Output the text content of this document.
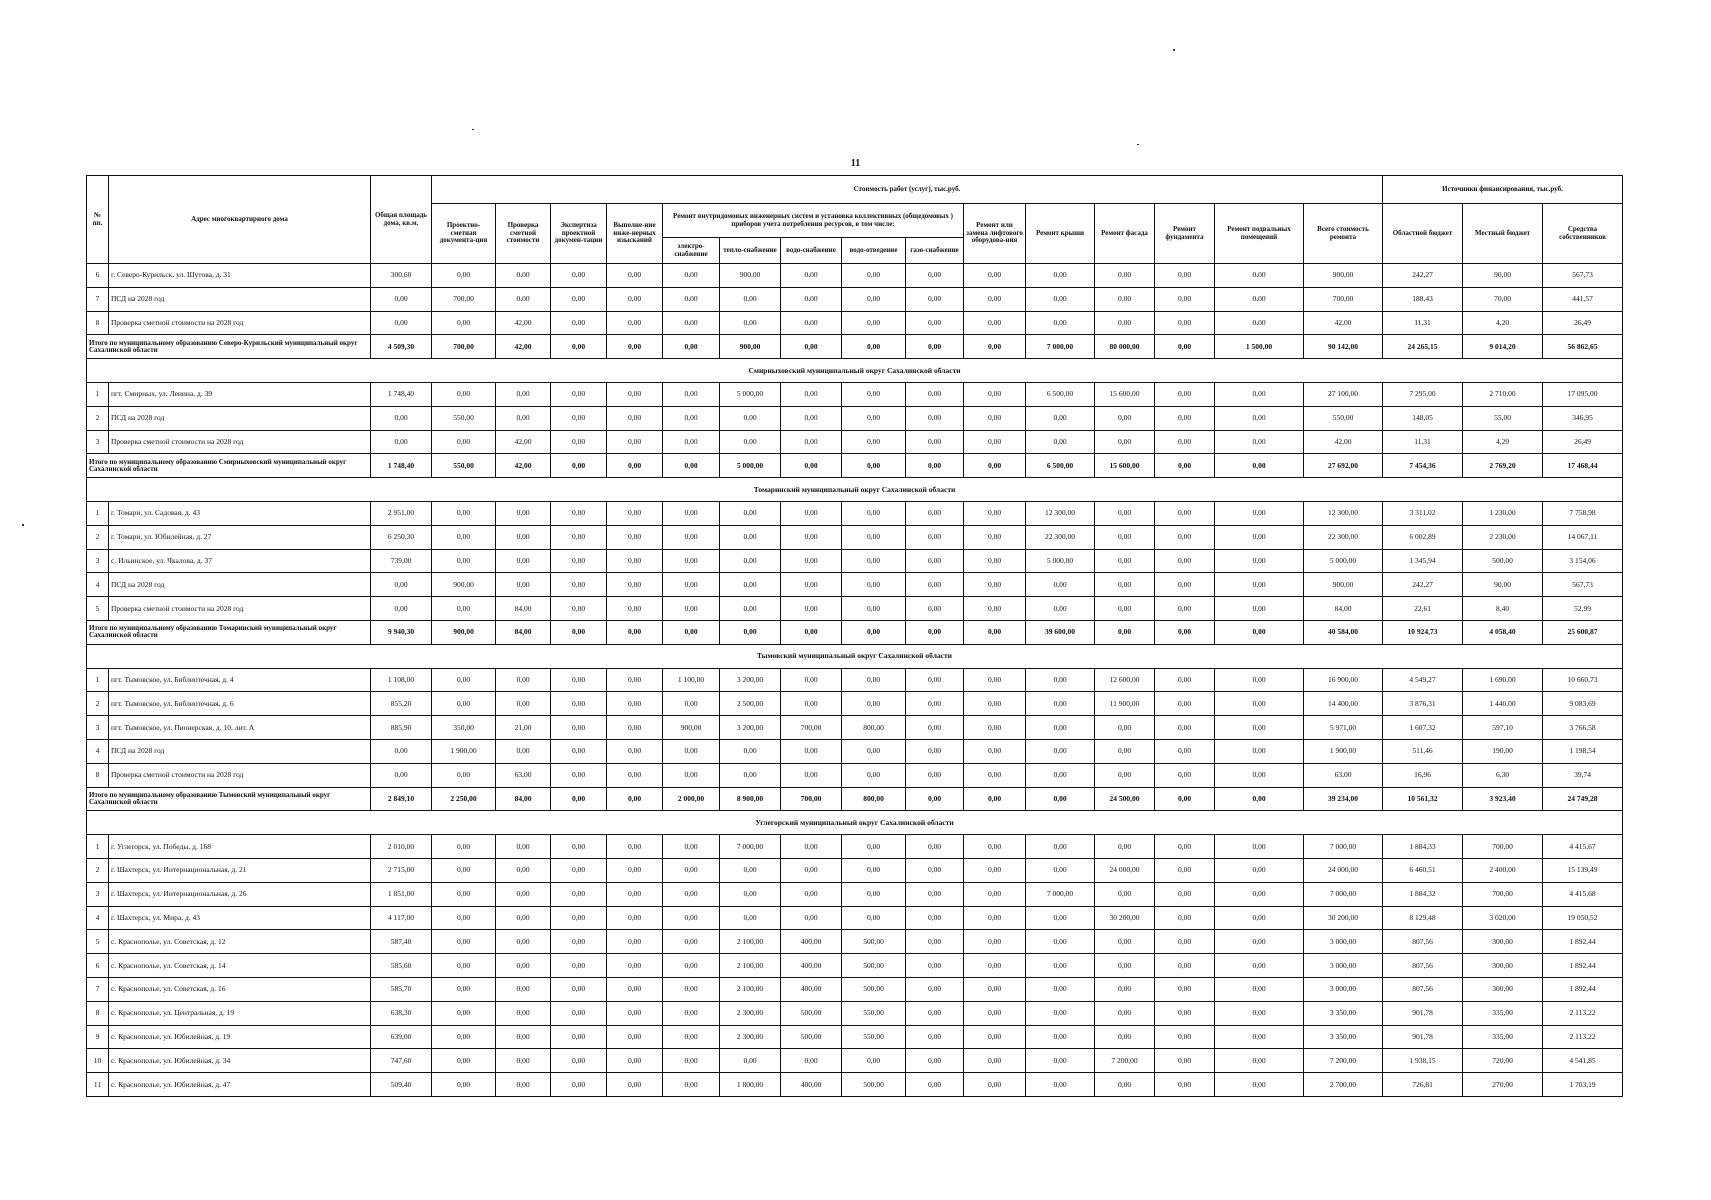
11
№ пп.	Адрес многоквартирного дома	Общая площадь дома, кв.м.	Стоимость работ (услуг), тыс.руб.															Источники финансирования, тыс.руб.		
			Проектно-сметная документа-ция	Проверка сметной стоимости	Экспертиза проектной докумен-тации	Выполне-ние инже-нерных изысканий	Ремонт внутридомовых инженерных систем и установка коллективных (общедомовых ) приборов учета потребления ресурсов, в том числе:					Ремонт или замена лифтового оборудова-ния	Ремонт крыши	Ремонт фасада	Ремонт фундамента	Ремонт подвальных помещений	Всего стоимость ремонта	Областной бюджет	Местный бюджет	Средства собственников
							электро-снабжение	тепло-снабжение	водо-снабжение	водо-отведение	газо-снабжение									
6	г. Северо-Курильск, ул. Шутова, д. 31	300,60	0,00	0,00	0,00	0,00	0,00	900,00	0,00	0,00	0,00	0,00	0,00	0,00	0,00	0,00	900,00	242,27	90,00	567,73
7	ПСД на 2028 год	0,00	700,00	0,00	0,00	0,00	0,00	0,00	0,00	0,00	0,00	0,00	0,00	0,00	0,00	0,00	700,00	188,43	70,00	441,57
8	Проверка сметной стоимости на 2028 год	0,00	0,00	42,00	0,00	0,00	0,00	0,00	0,00	0,00	0,00	0,00	0,00	0,00	0,00	0,00	42,00	11,31	4,20	26,49
Итого по муниципальному образованию Северо-Курильский муниципальный округ Сахалинской области		4 509,30	700,00	42,00	0,00	0,00	0,00	900,00	0,00	0,00	0,00	0,00	7 000,00	80 000,00	0,00	1 500,00	90 142,00	24 265,15	9 014,20	56 862,65
Смирныховский муниципальный округ Сахалинской области																				
1	пгт. Смирных, ул. Ленина, д. 39	1 748,40	0,00	0,00	0,00	0,00	0,00	5 000,00	0,00	0,00	0,00	0,00	6 500,00	15 600,00	0,00	0,00	27 100,00	7 295,00	2 710,00	17 095,00
2	ПСД на 2028 год	0,00	550,00	0,00	0,00	0,00	0,00	0,00	0,00	0,00	0,00	0,00	0,00	0,00	0,00	0,00	550,00	148,05	55,00	346,95
3	Проверка сметной стоимости на 2028 год	0,00	0,00	42,00	0,00	0,00	0,00	0,00	0,00	0,00	0,00	0,00	0,00	0,00	0,00	0,00	42,00	11,31	4,20	26,49
Итого по муниципальному образованию Смирныховский муниципальный округ Сахалинской области		1 748,40	550,00	42,00	0,00	0,00	0,00	5 000,00	0,00	0,00	0,00	0,00	6 500,00	15 600,00	0,00	0,00	27 692,00	7 454,36	2 769,20	17 468,44
Томаринский муниципальный округ Сахалинской области																				
1	г. Томари, ул. Садовая, д. 43	2 951,00	0,00	0,00	0,00	0,00	0,00	0,00	0,00	0,00	0,00	0,00	12 300,00	0,00	0,00	0,00	12 300,00	3 311,02	1 230,00	7 758,98
2	г. Томари, ул. Юбилейная, д. 27	6 250,30	0,00	0,00	0,00	0,00	0,00	0,00	0,00	0,00	0,00	0,00	22 300,00	0,00	0,00	0,00	22 300,00	6 002,89	2 230,00	14 067,11
3	с. Ильинское, ул. Чкалова, д. 37	739,00	0,00	0,00	0,00	0,00	0,00	0,00	0,00	0,00	0,00	0,00	5 000,00	0,00	0,00	0,00	5 000,00	1 345,94	500,00	3 154,06
4	ПСД на 2028 год	0,00	900,00	0,00	0,00	0,00	0,00	0,00	0,00	0,00	0,00	0,00	0,00	0,00	0,00	0,00	900,00	242,27	90,00	567,73
5	Проверка сметной стоимости на 2028 год	0,00	0,00	84,00	0,00	0,00	0,00	0,00	0,00	0,00	0,00	0,00	0,00	0,00	0,00	0,00	84,00	22,61	8,40	52,99
Итого по муниципальному образованию Томаринский муниципальный округ Сахалинской области		9 940,30	900,00	84,00	0,00	0,00	0,00	0,00	0,00	0,00	0,00	0,00	39 600,00	0,00	0,00	0,00	40 584,00	10 924,73	4 058,40	25 600,87
Тымовский муниципальный округ Сахалинской области																				
1	пгт. Тымовское, ул. Библиотечная, д. 4	1 108,00	0,00	0,00	0,00	0,00	1 100,00	3 200,00	0,00	0,00	0,00	0,00	0,00	12 600,00	0,00	0,00	16 900,00	4 549,27	1 690,00	10 660,73
2	пгт. Тымовское, ул. Библиотечная, д. 6	855,20	0,00	0,00	0,00	0,00	0,00	2 500,00	0,00	0,00	0,00	0,00	0,00	11 900,00	0,00	0,00	14 400,00	3 876,31	1 440,00	9 083,69
3	пгт. Тымовское, ул. Пионерская, д. 10, лит. А	885,90	350,00	21,00	0,00	0,00	900,00	3 200,00	700,00	800,00	0,00	0,00	0,00	0,00	0,00	0,00	5 971,00	1 607,32	597,10	3 766,58
4	ПСД на 2028 год	0,00	1 900,00	0,00	0,00	0,00	0,00	0,00	0,00	0,00	0,00	0,00	0,00	0,00	0,00	0,00	1 900,00	511,46	190,00	1 198,54
8	Проверка сметной стоимости на 2028 год	0,00	0,00	63,00	0,00	0,00	0,00	0,00	0,00	0,00	0,00	0,00	0,00	0,00	0,00	0,00	63,00	16,96	6,30	39,74
Итого по муниципальному образованию Тымовский муниципальный округ Сахалинской области		2 849,10	2 250,00	84,00	0,00	0,00	2 000,00	8 900,00	700,00	800,00	0,00	0,00	0,00	24 500,00	0,00	0,00	39 234,00	10 561,32	3 923,40	24 749,28
Углегорский муниципальный округ Сахалинской области																				
1	г. Углегорск, ул. Победы, д. 168	2 010,00	0,00	0,00	0,00	0,00	0,00	7 000,00	0,00	0,00	0,00	0,00	0,00	0,00	0,00	0,00	7 000,00	1 884,33	700,00	4 415,67
2	г. Шахтерск, ул. Интернациональная, д. 21	2 715,00	0,00	0,00	0,00	0,00	0,00	0,00	0,00	0,00	0,00	0,00	0,00	24 000,00	0,00	0,00	24 000,00	6 460,51	2 400,00	15 139,49
3	г. Шахтерск, ул. Интернациональная, д. 26	1 851,00	0,00	0,00	0,00	0,00	0,00	0,00	0,00	0,00	0,00	0,00	7 000,00	0,00	0,00	0,00	7 000,00	1 884,32	700,00	4 415,68
4	г. Шахтерск, ул. Мира, д. 43	4 117,00	0,00	0,00	0,00	0,00	0,00	0,00	0,00	0,00	0,00	0,00	0,00	30 200,00	0,00	0,00	30 200,00	8 129,48	3 020,00	19 050,52
5	с. Краснополье, ул. Советская, д. 12	587,40	0,00	0,00	0,00	0,00	0,00	2 100,00	400,00	500,00	0,00	0,00	0,00	0,00	0,00	0,00	3 000,00	807,56	300,00	1 892,44
6	с. Краснополье, ул. Советская, д. 14	585,60	0,00	0,00	0,00	0,00	0,00	2 100,00	400,00	500,00	0,00	0,00	0,00	0,00	0,00	0,00	3 000,00	807,56	300,00	1 892,44
7	с. Краснополье, ул. Советская, д. 16	585,70	0,00	0,00	0,00	0,00	0,00	2 100,00	400,00	500,00	0,00	0,00	0,00	0,00	0,00	0,00	3 000,00	807,56	300,00	1 892,44
8	с. Краснополье, ул. Центральная, д. 19	638,30	0,00	0,00	0,00	0,00	0,00	2 300,00	500,00	550,00	0,00	0,00	0,00	0,00	0,00	0,00	3 350,00	901,78	335,00	2 113,22
9	с. Краснополье, ул. Юбилейная, д. 19	639,00	0,00	0,00	0,00	0,00	0,00	2 300,00	500,00	550,00	0,00	0,00	0,00	0,00	0,00	0,00	3 350,00	901,78	335,00	2 113,22
10	с. Краснополье, ул. Юбилейная, д. 34	747,60	0,00	0,00	0,00	0,00	0,00	0,00	0,00	0,00	0,00	0,00	0,00	7 200,00	0,00	0,00	7 200,00	1 938,15	720,00	4 541,85
11	с. Краснополье, ул. Юбилейная, д. 47	509,40	0,00	0,00	0,00	0,00	0,00	1 800,00	400,00	500,00	0,00	0,00	0,00	0,00	0,00	0,00	2 700,00	726,81	270,00	1 703,19
